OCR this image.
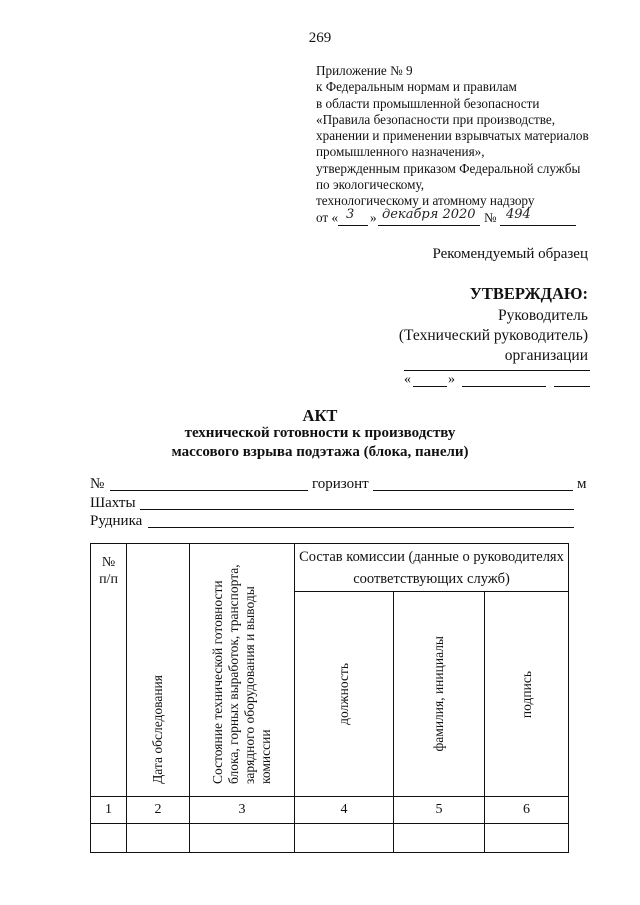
269
Приложение № 9
к Федеральным нормам и правилам
в области промышленной безопасности
«Правила безопасности при производстве,
хранении и применении взрывчатых материалов
промышленного назначения»,
утвержденным приказом Федеральной службы
по экологическому,
технологическому и атомному надзору
от « 3 » декабря 2020 № 494
Рекомендуемый образец
УТВЕРЖДАЮ:
Руководитель
(Технический руководитель)
организации
«	»
АКТ
технической готовности к производству
массового взрыва подэтажа (блока, панели)
№	горизонт	м
Шахты
Рудника
№ п/п	Дата обследования	Состояние технической готовности блока, горных выработок, транспорта, зарядного оборудования и выводы комиссии	Состав комиссии (данные о руководителях соответствующих служб)		

			должность	фамилия, инициалы	подпись

1	2	3	4	5	6
